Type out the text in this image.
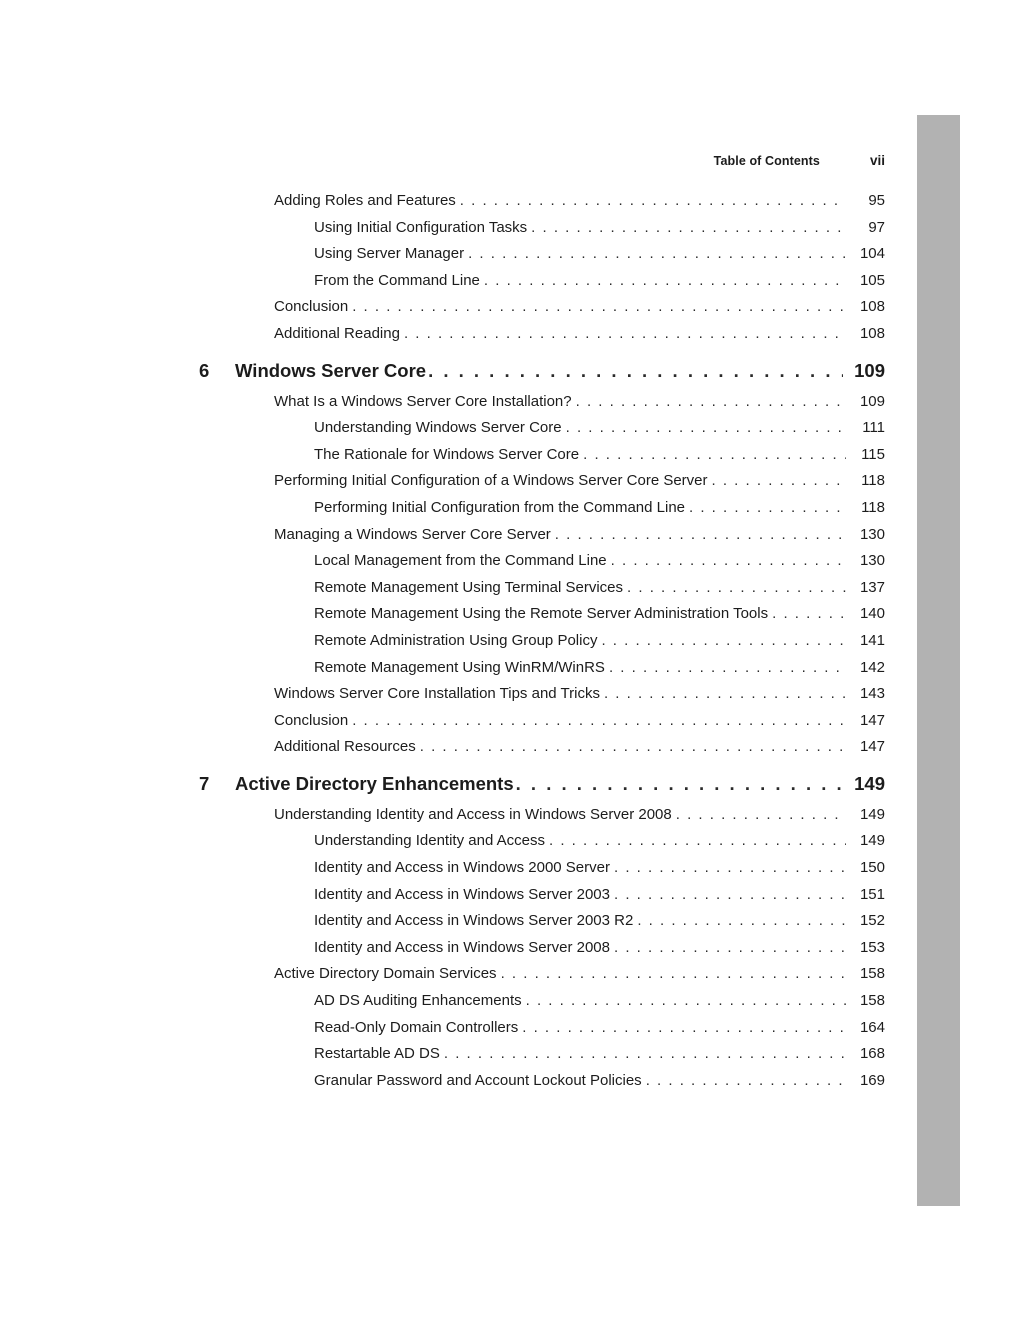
Table of Contents	vii
Adding Roles and Features . . .	95
Using Initial Configuration Tasks . . .	97
Using Server Manager . . .	104
From the Command Line . . .	105
Conclusion . . .	108
Additional Reading . . .	108
6	Windows Server Core . . .	109
What Is a Windows Server Core Installation? . . .	109
Understanding Windows Server Core . . .	111
The Rationale for Windows Server Core . . .	115
Performing Initial Configuration of a Windows Server Core Server . . .	118
Performing Initial Configuration from the Command Line . . .	118
Managing a Windows Server Core Server . . .	130
Local Management from the Command Line . . .	130
Remote Management Using Terminal Services . . .	137
Remote Management Using the Remote Server Administration Tools . . .	140
Remote Administration Using Group Policy . . .	141
Remote Management Using WinRM/WinRS . . .	142
Windows Server Core Installation Tips and Tricks . . .	143
Conclusion . . .	147
Additional Resources . . .	147
7	Active Directory Enhancements . . .	149
Understanding Identity and Access in Windows Server 2008 . . .	149
Understanding Identity and Access . . .	149
Identity and Access in Windows 2000 Server . . .	150
Identity and Access in Windows Server 2003 . . .	151
Identity and Access in Windows Server 2003 R2 . . .	152
Identity and Access in Windows Server 2008 . . .	153
Active Directory Domain Services . . .	158
AD DS Auditing Enhancements . . .	158
Read-Only Domain Controllers . . .	164
Restartable AD DS . . .	168
Granular Password and Account Lockout Policies . . .	169
